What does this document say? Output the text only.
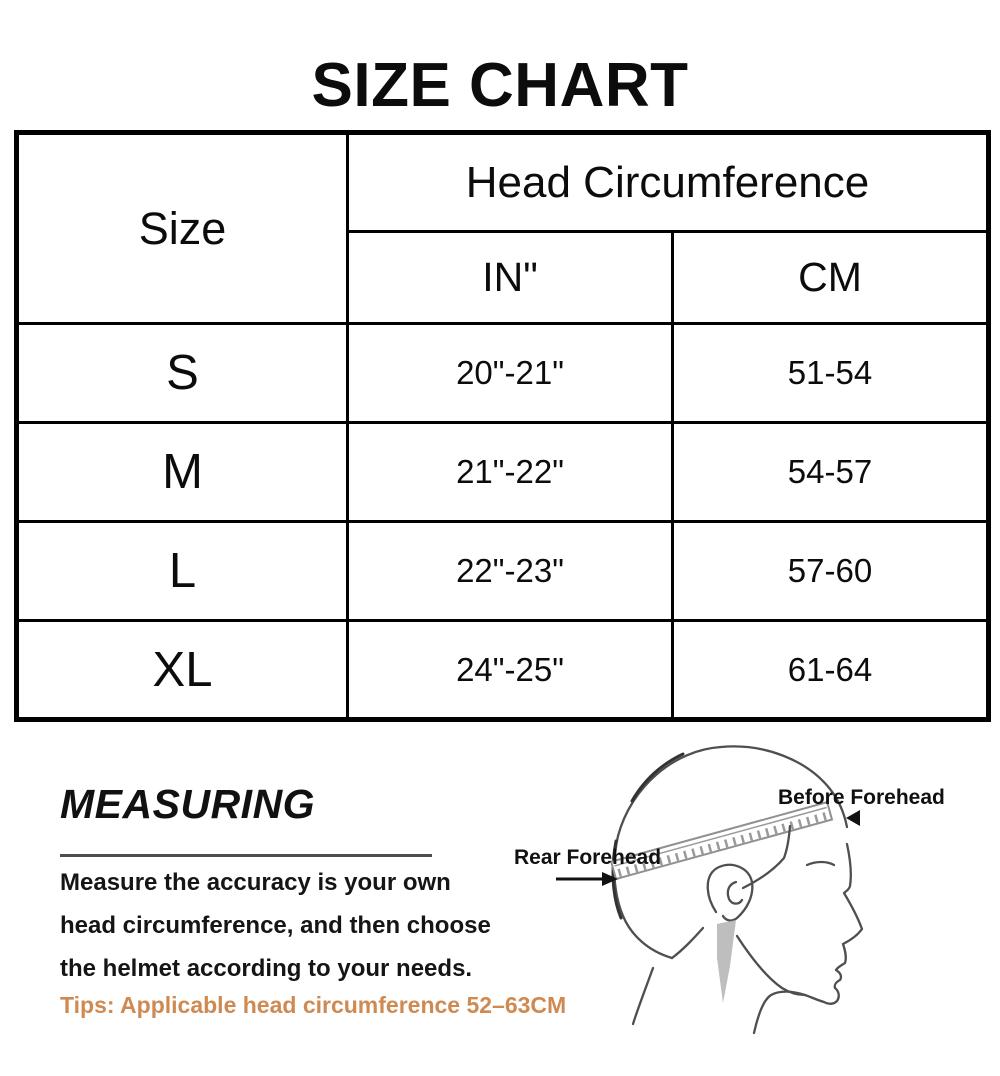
SIZE CHART
Size	Head Circumference	
	IN"	CM
S	20"-21"	51-54
M	21"-22"	54-57
L	22"-23"	57-60
XL	24"-25"	61-64
MEASURING
Measure the accuracy is your own
head circumference, and then choose
the helmet according to your needs.
Tips: Applicable head circumference 52–63CM
Rear Forehead
Before Forehead
